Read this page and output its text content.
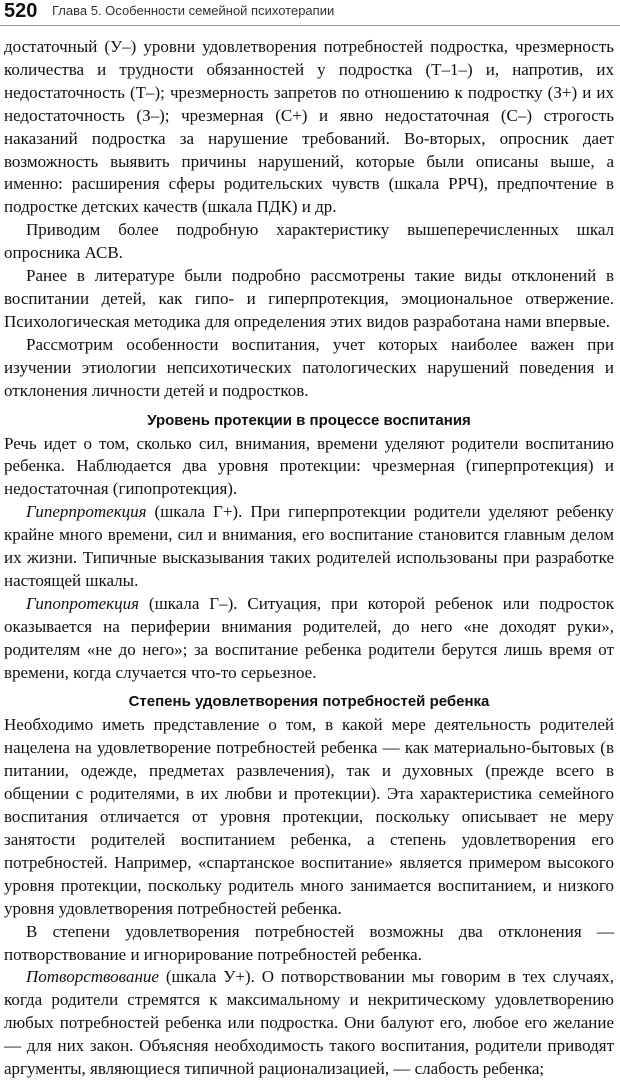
520 Глава 5. Особенности семейной психотерапии

достаточный (У–) уровни удовлетворения потребностей подростка, чрезмерность количества и трудности обязанностей у подростка (Т–1–) и, напротив, их недостаточность (Т–); чрезмерность запретов по отношению к подростку (З+) и их недостаточность (З–); чрезмерная (С+) и явно недостаточная (С–) строгость наказаний подростка за нарушение требований. Во-вторых, опросник дает возможность выявить причины нарушений, которые были описаны выше, а именно: расширения сферы родительских чувств (шкала РРЧ), предпочтение в подростке детских качеств (шкала ПДК) и др.

Приводим более подробную характеристику вышеперечисленных шкал опросника АСВ.

Ранее в литературе были подробно рассмотрены такие виды отклонений в воспитании детей, как гипо- и гиперпротекция, эмоциональное отвержение. Психологическая методика для определения этих видов разработана нами впервые.

Рассмотрим особенности воспитания, учет которых наиболее важен при изучении этиологии непсихотических патологических нарушений поведения и отклонения личности детей и подростков.

Уровень протекции в процессе воспитания

Речь идет о том, сколько сил, внимания, времени уделяют родители воспитанию ребенка. Наблюдается два уровня протекции: чрезмерная (гиперпротекция) и недостаточная (гипопротекция).

Гиперпротекция (шкала Г+). При гиперпротекции родители уделяют ребенку крайне много времени, сил и внимания, его воспитание становится главным делом их жизни. Типичные высказывания таких родителей использованы при разработке настоящей шкалы.

Гипопротекция (шкала Г–). Ситуация, при которой ребенок или подросток оказывается на периферии внимания родителей, до него «не доходят руки», родителям «не до него»; за воспитание ребенка родители берутся лишь время от времени, когда случается что-то серьезное.

Степень удовлетворения потребностей ребенка

Необходимо иметь представление о том, в какой мере деятельность родителей нацелена на удовлетворение потребностей ребенка — как материально-бытовых (в питании, одежде, предметах развлечения), так и духовных (прежде всего в общении с родителями, в их любви и протекции). Эта характеристика семейного воспитания отличается от уровня протекции, поскольку описывает не меру занятости родителей воспитанием ребенка, а степень удовлетворения его потребностей. Например, «спартанское воспитание» является примером высокого уровня протекции, поскольку родитель много занимается воспитанием, и низкого уровня удовлетворения потребностей ребенка.

В степени удовлетворения потребностей возможны два отклонения — потворствование и игнорирование потребностей ребенка.

Потворствование (шкала У+). О потворствовании мы говорим в тех случаях, когда родители стремятся к максимальному и некритическому удовлетворению любых потребностей ребенка или подростка. Они балуют его, любое его желание — для них закон. Объясняя необходимость такого воспитания, родители приводят аргументы, являющиеся типичной рационализацией, — слабость ребенка;
